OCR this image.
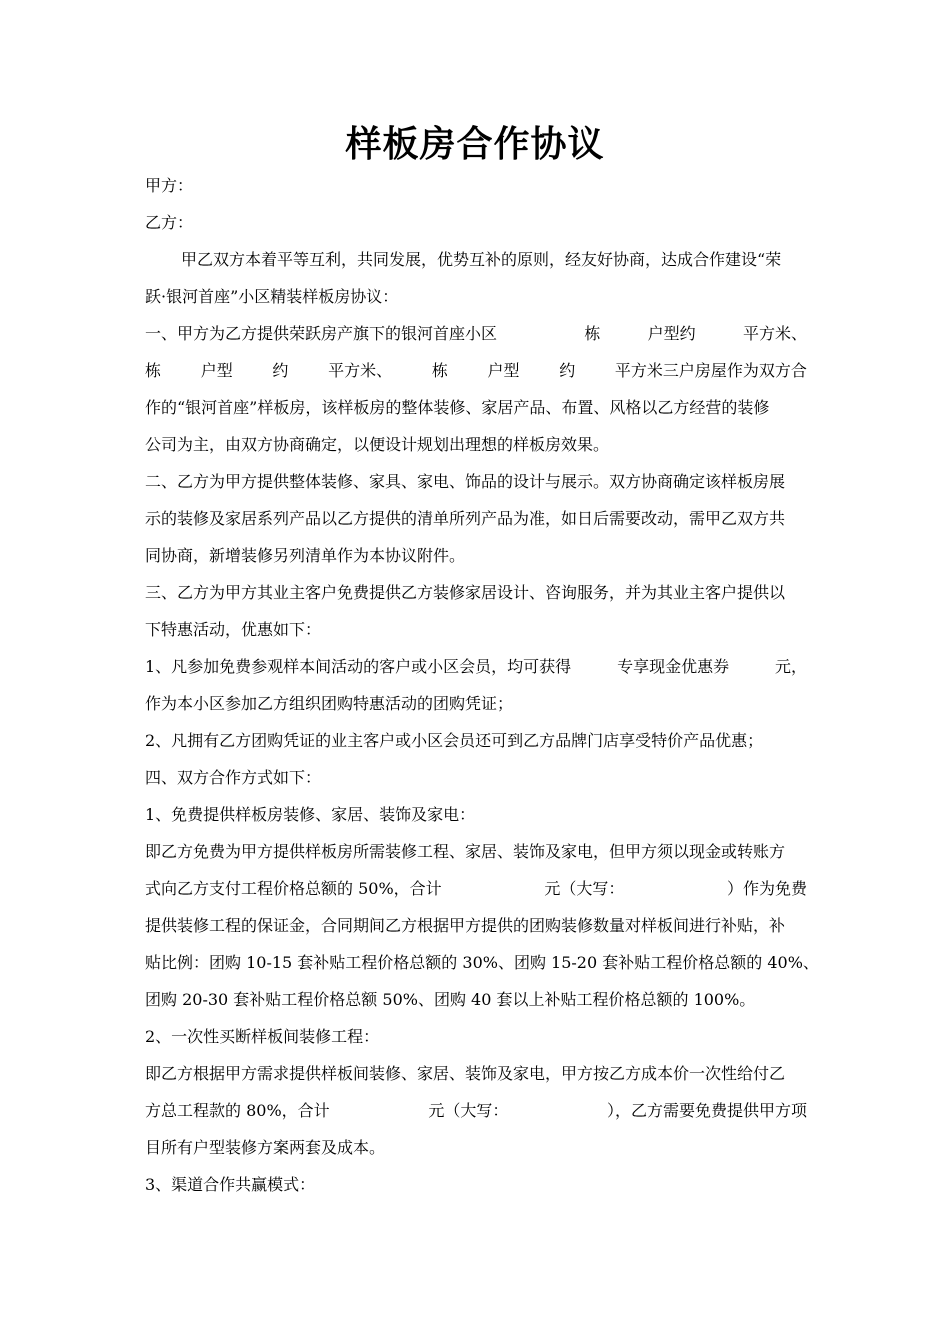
样板房合作协议
甲方：
乙方：
甲乙双方本着平等互利，共同发展，优势互补的原则，经友好协商，达成合作建设“荣
跃·银河首座”小区精装样板房协议：
一、甲方为乙方提供荣跃房产旗下的银河首座小区	栋	户型约	平方米、
栋 户型 约 平方米、 栋 户型 约 平方米三户房屋作为双方合
作的“银河首座”样板房，该样板房的整体装修、家居产品、布置、风格以乙方经营的装修
公司为主，由双方协商确定，以便设计规划出理想的样板房效果。
二、乙方为甲方提供整体装修、家具、家电、饰品的设计与展示。双方协商确定该样板房展
示的装修及家居系列产品以乙方提供的清单所列产品为准，如日后需要改动，需甲乙双方共
同协商，新增装修另列清单作为本协议附件。
三、乙方为甲方其业主客户免费提供乙方装修家居设计、咨询服务，并为其业主客户提供以
下特惠活动，优惠如下：
1、凡参加免费参观样本间活动的客户或小区会员，均可获得	专享现金优惠券	元，
作为本小区参加乙方组织团购特惠活动的团购凭证；
2、凡拥有乙方团购凭证的业主客户或小区会员还可到乙方品牌门店享受特价产品优惠；
四、双方合作方式如下：
1、免费提供样板房装修、家居、装饰及家电：
即乙方免费为甲方提供样板房所需装修工程、家居、装饰及家电，但甲方须以现金或转账方
式向乙方支付工程价格总额的 50%，合计	元（大写：	）作为免费
提供装修工程的保证金，合同期间乙方根据甲方提供的团购装修数量对样板间进行补贴，补
贴比例：团购 10-15 套补贴工程价格总额的 30%、团购 15-20 套补贴工程价格总额的 40%、
团购 20-30 套补贴工程价格总额 50%、团购 40 套以上补贴工程价格总额的 100%。
2、一次性买断样板间装修工程：
即乙方根据甲方需求提供样板间装修、家居、装饰及家电，甲方按乙方成本价一次性给付乙
方总工程款的 80%，合计	元（大写：	），乙方需要免费提供甲方项
目所有户型装修方案两套及成本。
3、渠道合作共赢模式：
